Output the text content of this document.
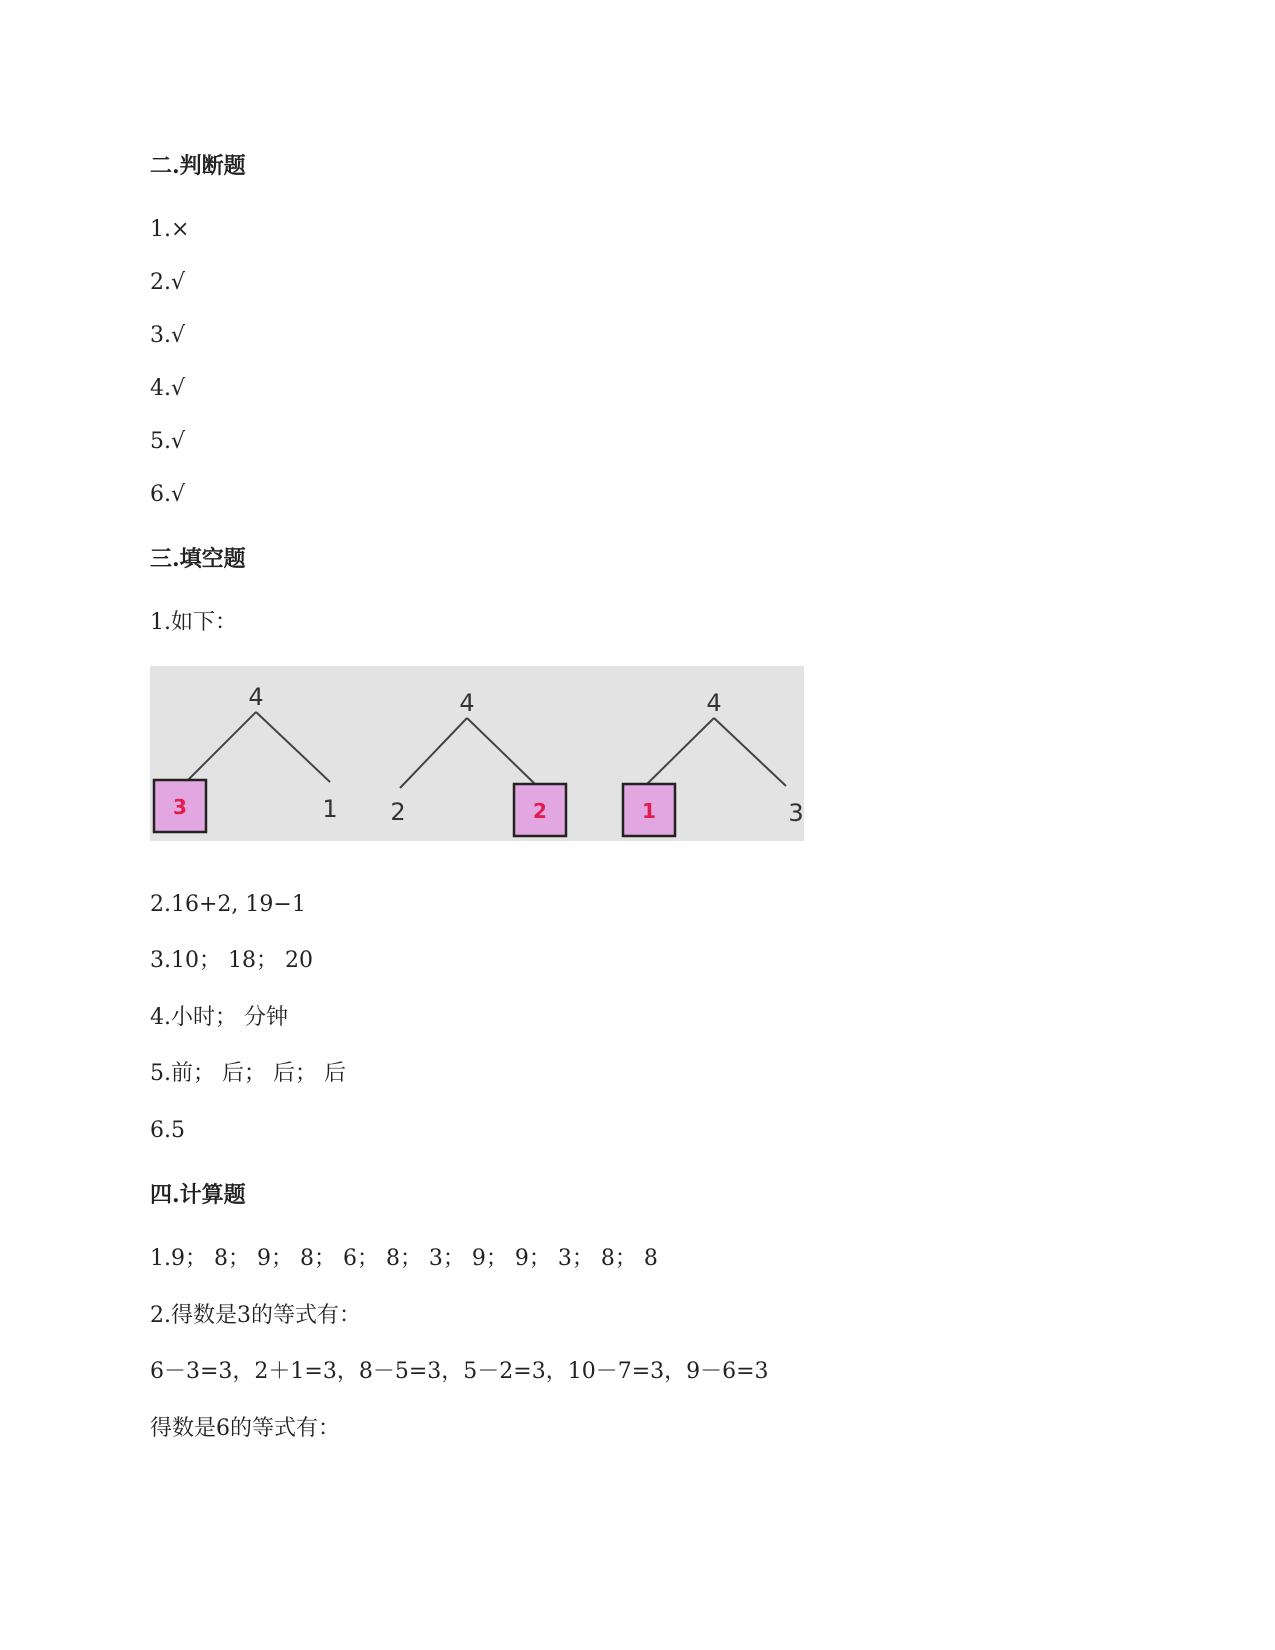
二.判断题
1.×
2.√
3.√
4.√
5.√
6.√
三.填空题
1.如下：
4
3	1
4
2	2
4
1	3
2.16+2, 19−1
3.10； 18； 20
4.小时； 分钟
5.前； 后； 后； 后
6.5
四.计算题
1.9； 8； 9； 8； 6； 8； 3； 9； 9； 3； 8； 8
2.得数是3的等式有：
6－3=3，2＋1=3，8－5=3，5－2=3，10－7=3，9－6=3
得数是6的等式有：
